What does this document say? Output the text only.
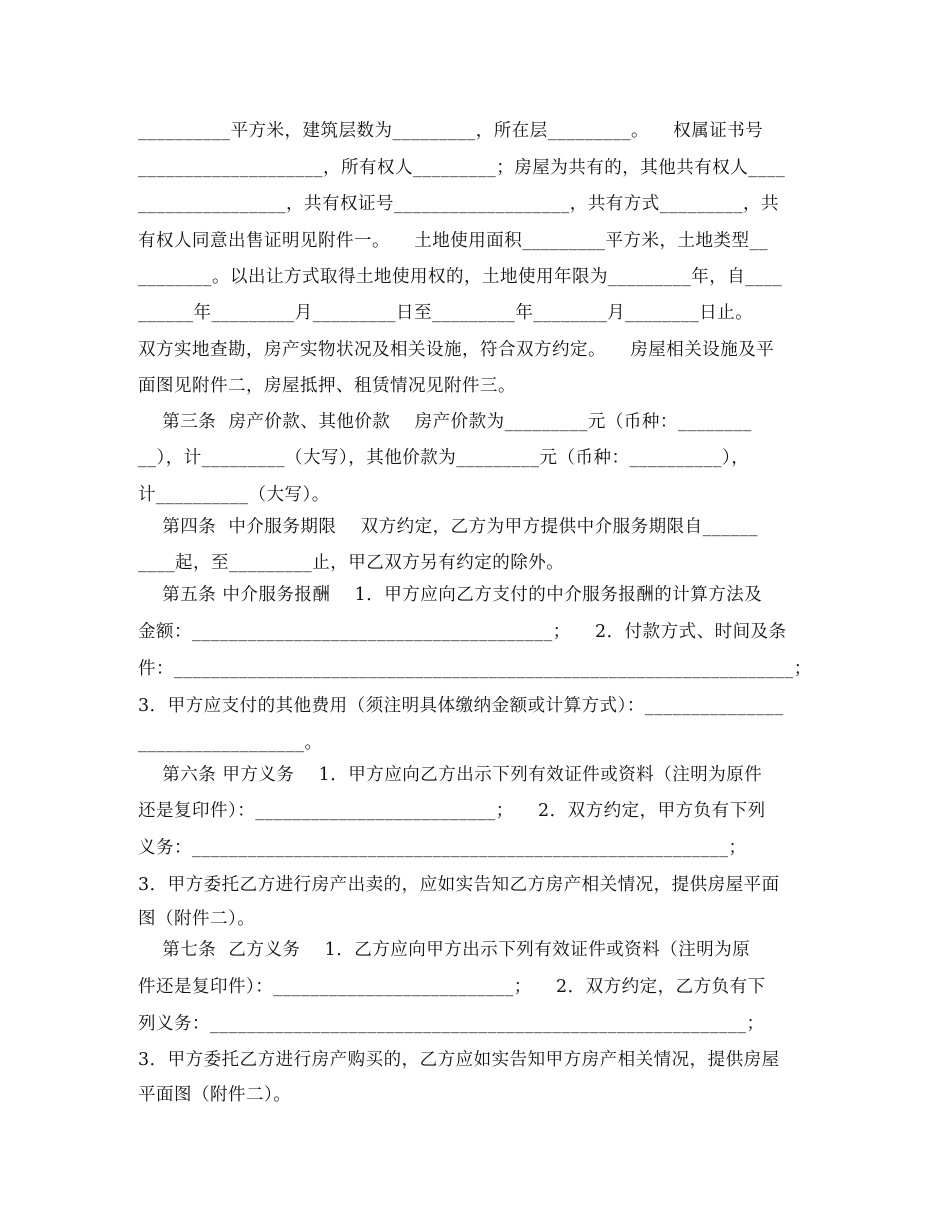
__________平方米，建筑层数为_________，所在层_________。    权属证书号
____________________，所有权人_________；房屋为共有的，其他共有权人____
________________，共有权证号___________________，共有方式_________，共
有权人同意出售证明见附件一。    土地使用面积_________平方米，土地类型__
________。以出让方式取得土地使用权的，土地使用年限为_________年，自____
______年_________月_________日至_________年________月________日止。
双方实地查勘，房产实物状况及相关设施，符合双方约定。    房屋相关设施及平
面图见附件二，房屋抵押、租赁情况见附件三。
第三条  房产价款、其他价款    房产价款为_________元（币种：________
__），计_________（大写），其他价款为_________元（币种：__________），
计__________（大写）。
第四条  中介服务期限    双方约定，乙方为甲方提供中介服务期限自______
____起，至_________止，甲乙双方另有约定的除外。
第五条 中介服务报酬    1．甲方应向乙方支付的中介服务报酬的计算方法及
金额：_______________________________________；    2．付款方式、时间及条
件：___________________________________________________________________；
3．甲方应支付的其他费用（须注明具体缴纳金额或计算方式）：_______________
__________________。
第六条 甲方义务    1．甲方应向乙方出示下列有效证件或资料（注明为原件
还是复印件）：__________________________；    2．双方约定，甲方负有下列
义务：__________________________________________________________；
3．甲方委托乙方进行房产出卖的，应如实告知乙方房产相关情况，提供房屋平面
图（附件二）。
第七条  乙方义务    1．乙方应向甲方出示下列有效证件或资料（注明为原
件还是复印件）：__________________________；    2．双方约定，乙方负有下
列义务：__________________________________________________________；
3．甲方委托乙方进行房产购买的，乙方应如实告知甲方房产相关情况，提供房屋
平面图（附件二）。
